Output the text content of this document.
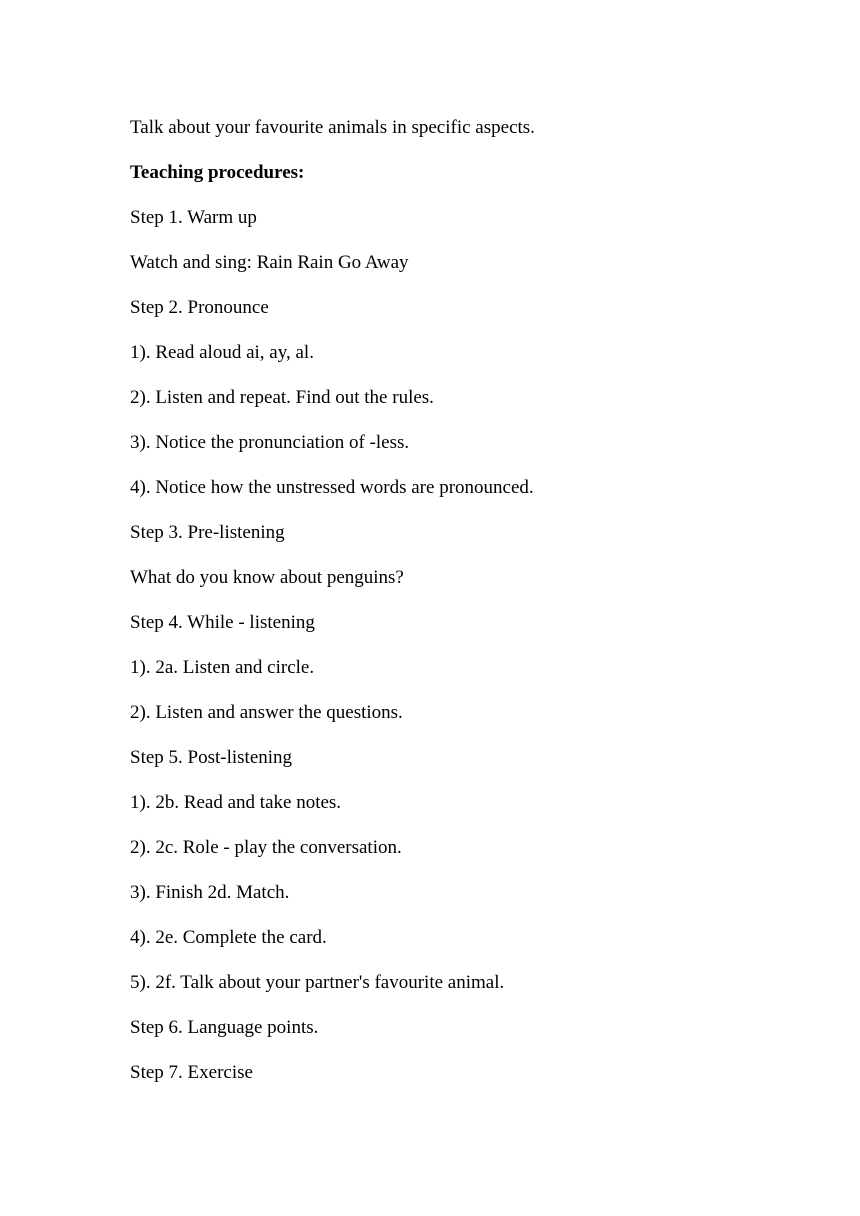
Talk about your favourite animals in specific aspects.
Teaching procedures:
Step 1. Warm up
Watch and sing: Rain Rain Go Away
Step 2. Pronounce
1). Read aloud ai, ay, al.
2). Listen and repeat. Find out the rules.
3). Notice the pronunciation of -less.
4). Notice how the unstressed words are pronounced.
Step 3. Pre-listening
What do you know about penguins?
Step 4. While - listening
1). 2a. Listen and circle.
2). Listen and answer the questions.
Step 5. Post-listening
1). 2b. Read and take notes.
2). 2c. Role - play the conversation.
3). Finish 2d. Match.
4). 2e. Complete the card.
5). 2f. Talk about your partner's favourite animal.
Step 6. Language points.
Step 7. Exercise
